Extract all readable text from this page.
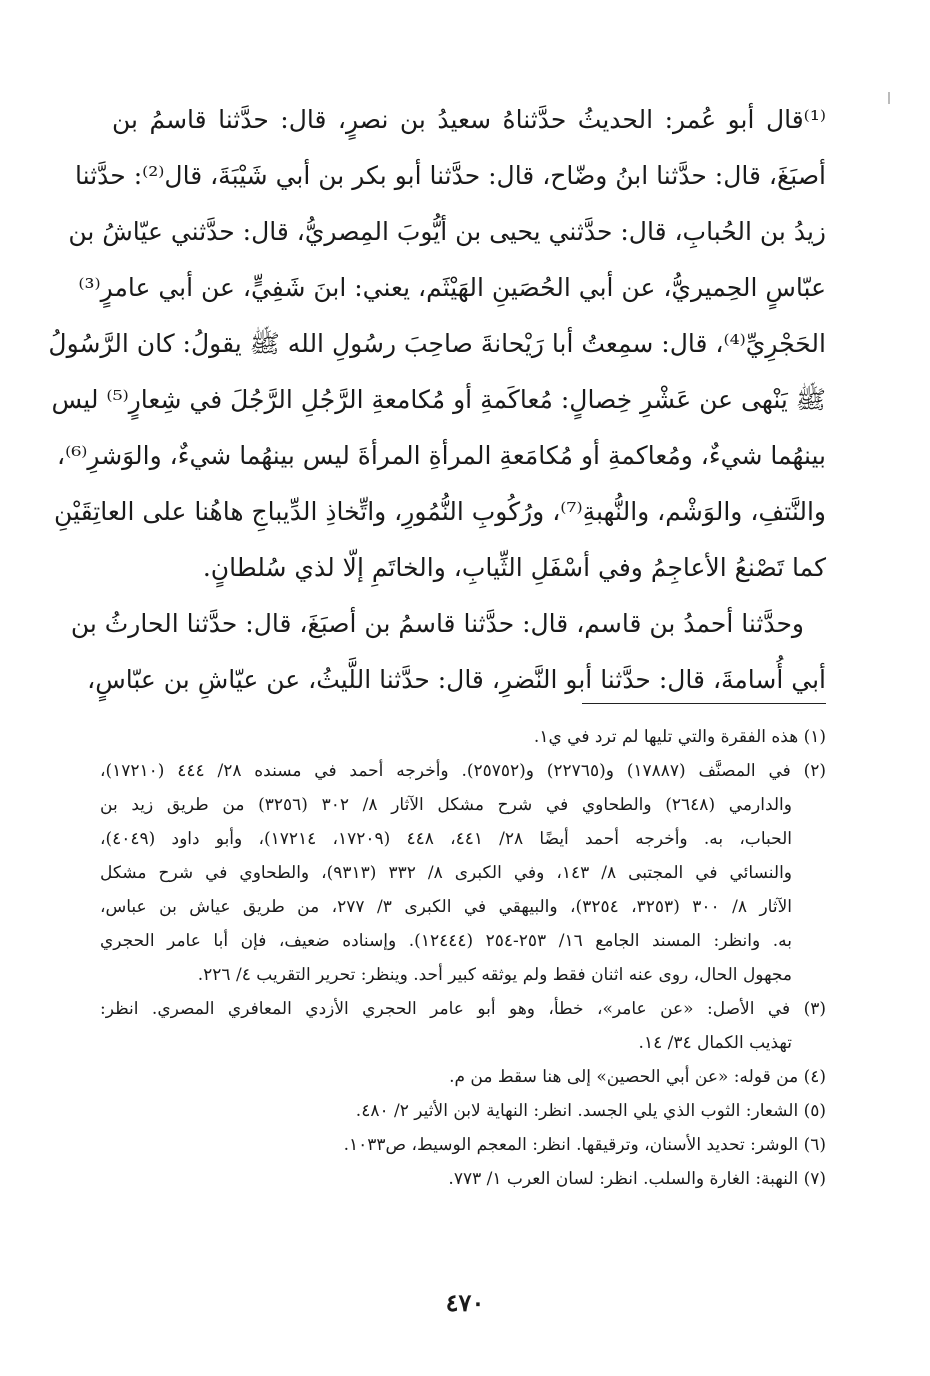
⁽¹⁾قال أبو عُمر: الحديثُ حدَّثناهُ سعيدُ بن نصرٍ، قال: حدَّثنا قاسمُ بن
أصبَغَ، قال: حدَّثنا ابنُ وضّاح، قال: حدَّثنا أبو بكر بن أبي شَيْبَةَ، قال⁽²⁾: حدَّثنا
زيدُ بن الحُبابِ، قال: حدَّثني يحيى بن أيُّوبَ المِصريُّ، قال: حدَّثني عيّاشُ بن
عبّاسٍ الحِميريُّ، عن أبي الحُصَينِ الهَيْثَم، يعني: ابنَ شَفِيٍّ، عن أبي عامرٍ⁽³⁾
الحَجْرِيِّ⁽⁴⁾، قال: سمِعتُ أبا رَيْحانةَ صاحِبَ رسُولِ الله ﷺ يقولُ: كان الرَّسُولُ
ﷺ يَنْهى عن عَشْرِ خِصالٍ: مُعاكَمةِ أو مُكامعةِ الرَّجُلِ الرَّجُلَ في شِعارٍ⁽⁵⁾ ليس
بينهُما شيءٌ، ومُعاكمةِ أو مُكامَعةِ المرأةِ المرأةَ ليس بينهُما شيءٌ، والوَشرِ⁽⁶⁾،
والنَّتفِ، والوَشْم، والنُّهبةِ⁽⁷⁾، ورُكُوبِ النُّمُورِ، واتِّخاذِ الدِّيباجِ هاهُنا على العاتِقَيْنِ
كما تَصْنعُ الأعاجِمُ وفي أسْفَلِ الثِّيابِ، والخاتَمِ إلّا لذي سُلطانٍ.
وحدَّثنا أحمدُ بن قاسم، قال: حدَّثنا قاسمُ بن أصبَغَ، قال: حدَّثنا الحارثُ بن
أبي أُسامةَ، قال: حدَّثنا أبو النَّضرِ، قال: حدَّثنا اللَّيثُ، عن عيّاشِ بن عبّاسٍ،
(١) هذه الفقرة والتي تليها لم ترد في ي١.
(٢) في المصنَّف (١٧٨٨٧) و(٢٢٧٦٥) و(٢٥٧٥٢). وأخرجه أحمد في مسنده ٢٨/ ٤٤٤ (١٧٢١٠)،
والدارمي (٢٦٤٨) والطحاوي في شرح مشكل الآثار ٨/ ٣٠٢ (٣٢٥٦) من طريق زيد بن
الحباب، به. وأخرجه أحمد أيضًا ٢٨/ ٤٤١، ٤٤٨ (١٧٢٠٩، ١٧٢١٤)، وأبو داود (٤٠٤٩)،
والنسائي في المجتبى ٨/ ١٤٣، وفي الكبرى ٨/ ٣٣٢ (٩٣١٣)، والطحاوي في شرح مشكل
الآثار ٨/ ٣٠٠ (٣٢٥٣، ٣٢٥٤)، والبيهقي في الكبرى ٣/ ٢٧٧، من طريق عياش بن عباس،
به. وانظر: المسند الجامع ١٦/ ٢٥٣-٢٥٤ (١٢٤٤٤). وإسناده ضعيف، فإن أبا عامر الحجري
مجهول الحال، روى عنه اثنان فقط ولم يوثقه كبير أحد. وينظر: تحرير التقريب ٤/ ٢٢٦.
(٣) في الأصل: «عن عامر»، خطأ، وهو أبو عامر الحجري الأزدي المعافري المصري. انظر:
تهذيب الكمال ٣٤/ ١٤.
(٤) من قوله: «عن أبي الحصين» إلى هنا سقط من م.
(٥) الشعار: الثوب الذي يلي الجسد. انظر: النهاية لابن الأثير ٢/ ٤٨٠.
(٦) الوشر: تحديد الأسنان، وترقيقها. انظر: المعجم الوسيط، ص١٠٣٣.
(٧) النهبة: الغارة والسلب. انظر: لسان العرب ١/ ٧٧٣.
٤٧٠
